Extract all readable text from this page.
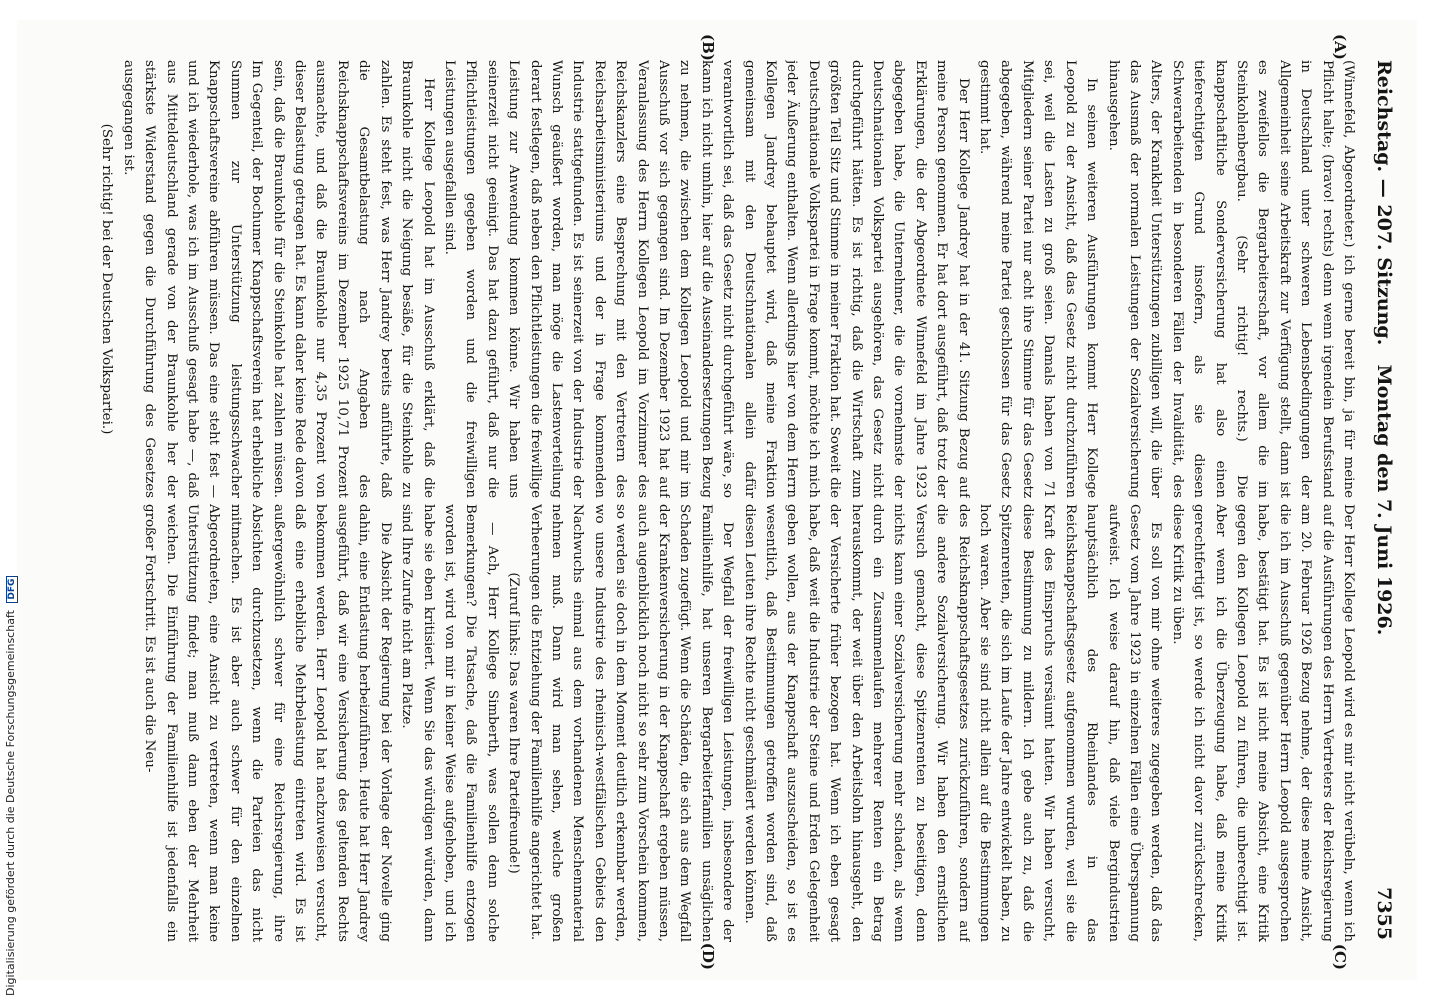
Reichstag. — 207. Sitzung.
Montag den 7. Juni 1926.
7355
(A)
(B)
(C)
(D)

(Winnefeld, Abgeordneter.) ich gerne bereit bin, ja für meine Pflicht halte; (bravo! rechts) denn wenn irgendein Berufsstand in Deutschland unter schweren Lebensbedingungen der Allgemeinheit seine Arbeitskraft zur Verfügung stellt, dann ist es zweifellos die Bergarbeiterschaft, vor allem die im Steinkohlenbergbau. (Sehr richtig! rechts.) Die knappschaftliche Sonderversicherung hat also einen tieferechtigten Grund insofern, als sie diesen Schwerarbeitenden in besonderen Fällen der Invalidität, des Alters, der Krankheit Unterstützungen zubilligen will, die über das Ausmaß der normalen Leistungen der Sozialversicherung hinausgehen.

In seinen weiteren Ausführungen kommt Herr Kollege Leopold zu der Ansicht, daß das Gesetz nicht durchzuführen sei, weil die Lasten zu groß seien. Damals haben von 71 Mitgliedern seiner Partei nur acht ihre Stimme für das Gesetz abgegeben, während meine Partei geschlossen für das Gesetz gestimmt hat.

Der Herr Kollege Jandrey hat in der 41. Sitzung Bezug auf meine Person genommen. Er hat dort ausgeführt, daß trotz der Erklärungen, die der Abgeordnete Winnefeld im Jahre 1923 abgegeben habe, die Unternehmer, die die vornehmste der Deutschnationalen Volkspartei ausgehören, das Gesetz nicht durchgeführt hätten. Es ist richtig, daß die Wirtschaft zum größten Teil Sitz und Stimme in meiner Fraktion hat. Soweit die Deutschnationale Volkspartei in Frage kommt, möchte ich mich jeder Äußerung enthalten. Wenn allerdings hier von dem Herrn Kollegen Jandrey behauptet wird, daß meine Fraktion gemeinsam mit den Deutschnationalen allein dafür verantwortlich sei, daß das Gesetz nicht durchgeführt wäre, so kann ich nicht umhin, hier auf die Auseinandersetzungen Bezug zu nehmen, die zwischen dem Kollegen Leopold und mir im Ausschuß vor sich gegangen sind. Im Dezember 1923 hat auf Veranlassung des Herrn Kollegen Leopold im Vorzimmer des Reichskanzlers eine Besprechung mit den Vertretern des Reichsarbeitsministeriums und der in Frage kommenden Industrie stattgefunden. Es ist seinerzeit von der Industrie der Wunsch geäußert worden, man möge die Lastenverteilung derart festlegen, daß neben den Pflichtleistungen die freiwillige Leistung zur Anwendung kommen könne. Wir haben uns seinerzeit nicht geeinigt. Das hat dazu geführt, daß nur die Pflichtleistungen gegeben worden und die freiwilligen Leistungen ausgefallen sind.

Herr Kollege Leopold hat im Ausschuß erklärt, daß die Braunkohle nicht die Neigung besäße, für die Steinkohle zu zahlen. Es steht fest, was Herr Jandrey bereits anführte, daß die Gesamtbelastung nach Angaben des Reichsknappschaftsvereins im Dezember 1925 10,71 Prozent ausmachte, und daß die Braunkohle nur 4,35 Prozent von dieser Belastung getragen hat. Es kann daher keine Rede davon sein, daß die Braunkohle für die Steinkohle hat zahlen müssen. Im Gegenteil, der Bochumer Knappschaftsverein hat erhebliche Summen zur Unterstützung leistungsschwacher Knappschaftsvereine abführen müssen. Das eine steht fest — und ich wiederhole, was ich im Ausschuß gesagt habe —, daß aus Mitteldeutschland gerade von der Braunkohle her der stärkste Widerstand gegen die Durchführung des Gesetzes ausgegangen ist.

(Sehr richtig! bei der Deutschen Volkspartei.)

Der Herr Kollege Leopold wird es mir nicht verübeln, wenn ich auf die Ausführungen des Herrn Vertreters der Reichsregierung am 20. Februar 1926 Bezug nehme, der diese meine Ansicht, die ich im Ausschuß gegenüber Herrn Leopold ausgesprochen habe, bestätigt hat. Es ist nicht meine Absicht, eine Kritik gegen den Kollegen Leopold zu führen, die unberechtigt ist. Aber wenn ich die Überzeugung habe, daß meine Kritik gerechtfertigt ist, so werde ich nicht davor zurückschrecken, diese Kritik zu üben.

Es soll von mir ohne weiteres zugegeben werden, daß das Gesetz vom Jahre 1923 in einzelnen Fällen eine Überspannung aufweist. Ich weise darauf hin, daß viele Bergindustrien hauptsächlich des Rheinlandes in das Reichsknappschaftsgesetz aufgenommen wurden, weil sie die Kraft des Einspruchs versäumt hatten. Wir haben versucht, diese Bestimmung zu mildern. Ich gebe auch zu, daß die Spitzenrenten, die sich im Laufe der Jahre entwickelt haben, zu hoch waren. Aber sie sind nicht allein auf die Bestimmungen des Reichsknappschaftsgesetzes zurückzuführen, sondern auf die andere Sozialversicherung. Wir haben den ernstlichen Versuch gemacht, diese Spitzenrenten zu beseitigen, denn nichts kann einer Sozialversicherung mehr schaden, als wenn durch ein Zusammenlaufen mehrerer Renten ein Betrag herauskommt, der weit über den Arbeitslohn hinausgeht, den der Versicherte früher bezogen hat. Wenn ich eben gesagt habe, daß weit die Industrie der Steine und Erden Gelegenheit geben wollen, aus der Knappschaft auszuscheiden, so ist es wesentlich, daß Bestimmungen getroffen worden sind, daß diesen Leuten ihre Rechte nicht geschmälert werden können.

Der Wegfall der freiwilligen Leistungen, insbesondere der Familienhilfe, hat unseren Bergarbeiterfamilien unsäglichen Schaden zugefügt. Wenn die Schäden, die sich aus dem Wegfall der Krankenversicherung in der Knappschaft ergeben müssen, auch augenblicklich noch nicht so sehr zum Vorschein kommen, so werden sie doch in dem Moment deutlich erkennbar werden, wo unsere Industrie des rheinisch-westfälischen Gebiets den Nachwuchs einmal aus dem vorhandenen Menschenmaterial nehmen muß. Dann wird man sehen, welche großen Verheerungen die Entziehung der Familienhilfe angerichtet hat.

(Zuruf links: Das waren Ihre Parteifreunde!)

— Ach, Herr Kollege Simberth, was sollen denn solche Bemerkungen? Die Tatsache, daß die Familienhilfe entzogen worden ist, wird von mir in keiner Weise aufgehoben, und ich habe sie eben kritisiert. Wenn Sie das würdigen würden, dann sind Ihre Zurufe nicht am Platze.

Die Absicht der Regierung bei der Vorlage der Novelle ging dahin, eine Entlastung herbeizuführen. Heute hat Herr Jandrey ausgeführt, daß wir eine Versicherung des geltenden Rechts bekommen werden. Herr Leopold hat nachzuweisen versucht, daß eine erhebliche Mehrbelastung eintreten wird. Es ist außergewöhnlich schwer für eine Reichsregierung, ihre Absichten durchzusetzen, wenn die Parteien das nicht mitmachen. Es ist aber auch schwer für den einzelnen Abgeordneten, eine Ansicht zu vertreten, wenn man keine Unterstützung findet; man muß dann eben der Mehrheit weichen. Die Einführung der Familienhilfe ist jedenfalls ein großer Fortschritt. Es ist auch die Neu-

Digitalisierung gefördert durch die Deutsche Forschungsgemeinschaft DFG
